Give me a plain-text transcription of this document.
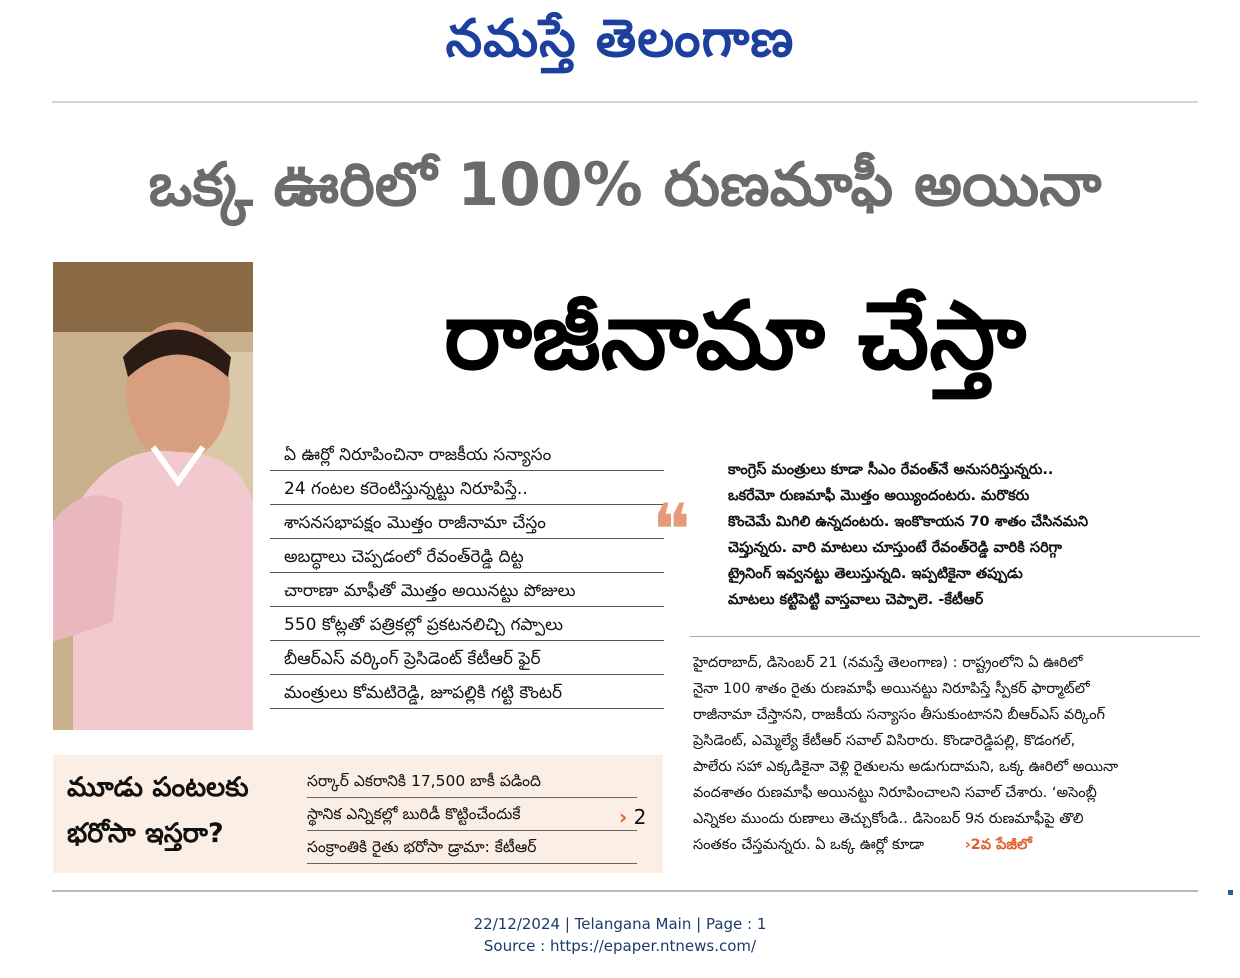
నమస్తే తెలంగాణ
ఒక్క ఊరిలో 100% రుణమాఫీ అయినా
రాజీనామా చేస్తా
ఏ ఊర్లో నిరూపించినా రాజకీయ సన్యాసం
24 గంటల కరెంటిస్తున్నట్టు నిరూపిస్తే..
శాసనసభాపక్షం మొత్తం రాజీనామా చేస్తం
అబద్ధాలు చెప్పడంలో రేవంత్‌రెడ్డి దిట్ట
చారాణా మాఫీతో మొత్తం అయినట్టు పోజులు
550 కోట్లతో పత్రికల్లో ప్రకటనలిచ్చి గప్పాలు
బీఆర్‌ఎస్ వర్కింగ్ ప్రెసిడెంట్ కేటీఆర్ ఫైర్
మంత్రులు కోమటిరెడ్డి, జూపల్లికి గట్టి కౌంటర్
❝
కాంగ్రెస్ మంత్రులు కూడా సీఎం రేవంత్‌నే అనుసరిస్తున్నరు..
ఒకరేమో రుణమాఫీ మొత్తం అయ్యిందంటరు. మరొకరు
కొంచెమే మిగిలి ఉన్నదంటరు. ఇంకొకాయన 70 శాతం చేసినమని
చెప్తున్నరు. వారి మాటలు చూస్తుంటే రేవంత్‌రెడ్డి వారికి సరిగ్గా
ట్రైనింగ్ ఇవ్వనట్టు తెలుస్తున్నది. ఇప్పటికైనా తప్పుడు
మాటలు కట్టిపెట్టి వాస్తవాలు చెప్పాలె. -కేటీఆర్
హైదరాబాద్, డిసెంబర్ 21 (నమస్తే తెలంగాణ) : రాష్ట్రంలోని ఏ ఊరిలో
నైనా 100 శాతం రైతు రుణమాఫీ అయినట్టు నిరూపిస్తే స్పీకర్ ఫార్మాట్‌లో
రాజీనామా చేస్తానని, రాజకీయ సన్యాసం తీసుకుంటానని బీఆర్‌ఎస్ వర్కింగ్
ప్రెసిడెంట్, ఎమ్మెల్యే కేటీఆర్ సవాల్ విసిరారు. కొండారెడ్డిపల్లి, కొడంగల్,
పాలేరు సహా ఎక్కడికైనా వెళ్లి రైతులను అడుగుదామని, ఒక్క ఊరిలో అయినా
వందశాతం రుణమాఫీ అయినట్టు నిరూపించాలని సవాల్ చేశారు. ‘అసెంబ్లీ
ఎన్నికల ముందు రుణాలు తెచ్చుకోండి.. డిసెంబర్ 9న రుణమాఫీపై తొలి
సంతకం చేస్తమన్నరు. ఏ ఒక్క ఊర్లో కూడా	›2వ పేజీలో
మూడు పంటలకు
భరోసా ఇస్తరా?
సర్కార్ ఎకరానికి 17,500 బాకీ పడింది
స్థానిక ఎన్నికల్లో బురిడీ కొట్టించేందుకే
సంక్రాంతికి రైతు భరోసా డ్రామా: కేటీఆర్
› 2
22/12/2024 | Telangana Main | Page : 1
Source : https://epaper.ntnews.com/
